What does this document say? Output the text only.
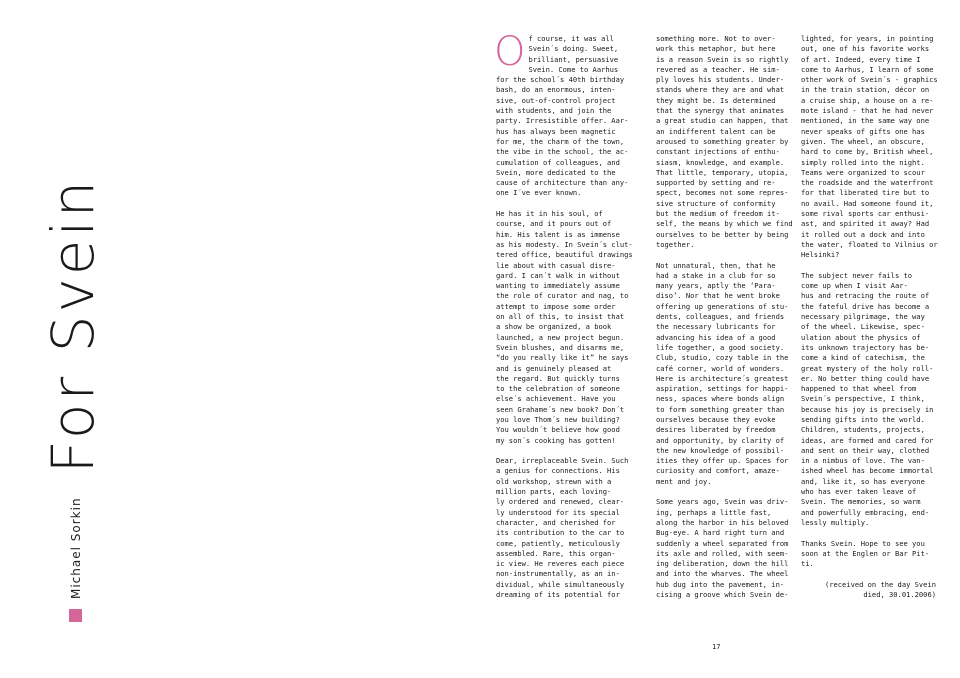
Michael Sorkin
For Svein

O f course, it was all
Svein´s doing. Sweet,
brilliant, persuasive
Svein. Come to Aarhus
for the school´s 40th birthday
bash, do an enormous, inten-
sive, out-of-control project
with students, and join the
party. Irresistible offer. Aar-
hus has always been magnetic
for me, the charm of the town,
the vibe in the school, the ac-
cumulation of colleagues, and
Svein, more dedicated to the
cause of architecture than any-
one I´ve ever known.

He has it in his soul, of
course, and it pours out of
him. His talent is as immense
as his modesty. In Svein´s clut-
tered office, beautiful drawings
lie about with casual disre-
gard. I can´t walk in without
wanting to immediately assume
the role of curator and nag, to
attempt to impose some order
on all of this, to insist that
a show be organized, a book
launched, a new project begun.
Svein blushes, and disarms me,
“do you really like it” he says
and is genuinely pleased at
the regard. But quickly turns
to the celebration of someone
else´s achievement. Have you
seen Grahame´s new book? Don´t
you love Thom´s new building?
You wouldn´t believe how good
my son´s cooking has gotten!

Dear, irreplaceable Svein. Such
a genius for connections. His
old workshop, strewn with a
million parts, each loving-
ly ordered and renewed, clear-
ly understood for its special
character, and cherished for
its contribution to the car to
come, patiently, meticulously
assembled. Rare, this organ-
ic view. He reveres each piece
non-instrumentally, as an in-
dividual, while simultaneously
dreaming of its potential for

something more. Not to over-
work this metaphor, but here
is a reason Svein is so rightly
revered as a teacher. He sim-
ply loves his students. Under-
stands where they are and what
they might be. Is determined
that the synergy that animates
a great studio can happen, that
an indifferent talent can be
aroused to something greater by
constant injections of enthu-
siasm, knowledge, and example.
That little, temporary, utopia,
supported by setting and re-
spect, becomes not some repres-
sive structure of conformity
but the medium of freedom it-
self, the means by which we find
ourselves to be better by being
together.

Not unnatural, then, that he
had a stake in a club for so
many years, aptly the ‘Para-
diso’. Nor that he went broke
offering up generations of stu-
dents, colleagues, and friends
the necessary lubricants for
advancing his idea of a good
life together, a good society.
Club, studio, cozy table in the
café corner, world of wonders.
Here is architecture´s greatest
aspiration, settings for happi-
ness, spaces where bonds align
to form something greater than
ourselves because they evoke
desires liberated by freedom
and opportunity, by clarity of
the new knowledge of possibil-
ities they offer up. Spaces for
curiosity and comfort, amaze-
ment and joy.

Some years ago, Svein was driv-
ing, perhaps a little fast,
along the harbor in his beloved
Bug-eye. A hard right turn and
suddenly a wheel separated from
its axle and rolled, with seem-
ing deliberation, down the hill
and into the wharves. The wheel
hub dug into the pavement, in-
cising a groove which Svein de-

lighted, for years, in pointing
out, one of his favorite works
of art. Indeed, every time I
come to Aarhus, I learn of some
other work of Svein´s - graphics
in the train station, décor on
a cruise ship, a house on a re-
mote island - that he had never
mentioned, in the same way one
never speaks of gifts one has
given. The wheel, an obscure,
hard to come by, British wheel,
simply rolled into the night.
Teams were organized to scour
the roadside and the waterfront
for that liberated tire but to
no avail. Had someone found it,
some rival sports car enthusi-
ast, and spirited it away? Had
it rolled out a dock and into
the water, floated to Vilnius or
Helsinki?

The subject never fails to
come up when I visit Aar-
hus and retracing the route of
the fateful drive has become a
necessary pilgrimage, the way
of the wheel. Likewise, spec-
ulation about the physics of
its unknown trajectory has be-
come a kind of catechism, the
great mystery of the holy roll-
er. No better thing could have
happened to that wheel from
Svein´s perspective, I think,
because his joy is precisely in
sending gifts into the world.
Children, students, projects,
ideas, are formed and cared for
and sent on their way, clothed
in a nimbus of love. The van-
ished wheel has become immortal
and, like it, so has everyone
who has ever taken leave of
Svein. The memories, so warm
and powerfully embracing, end-
lessly multiply.

Thanks Svein. Hope to see you
soon at the Englen or Bar Pit-
ti.

(received on the day Svein
died, 30.01.2006)

17
